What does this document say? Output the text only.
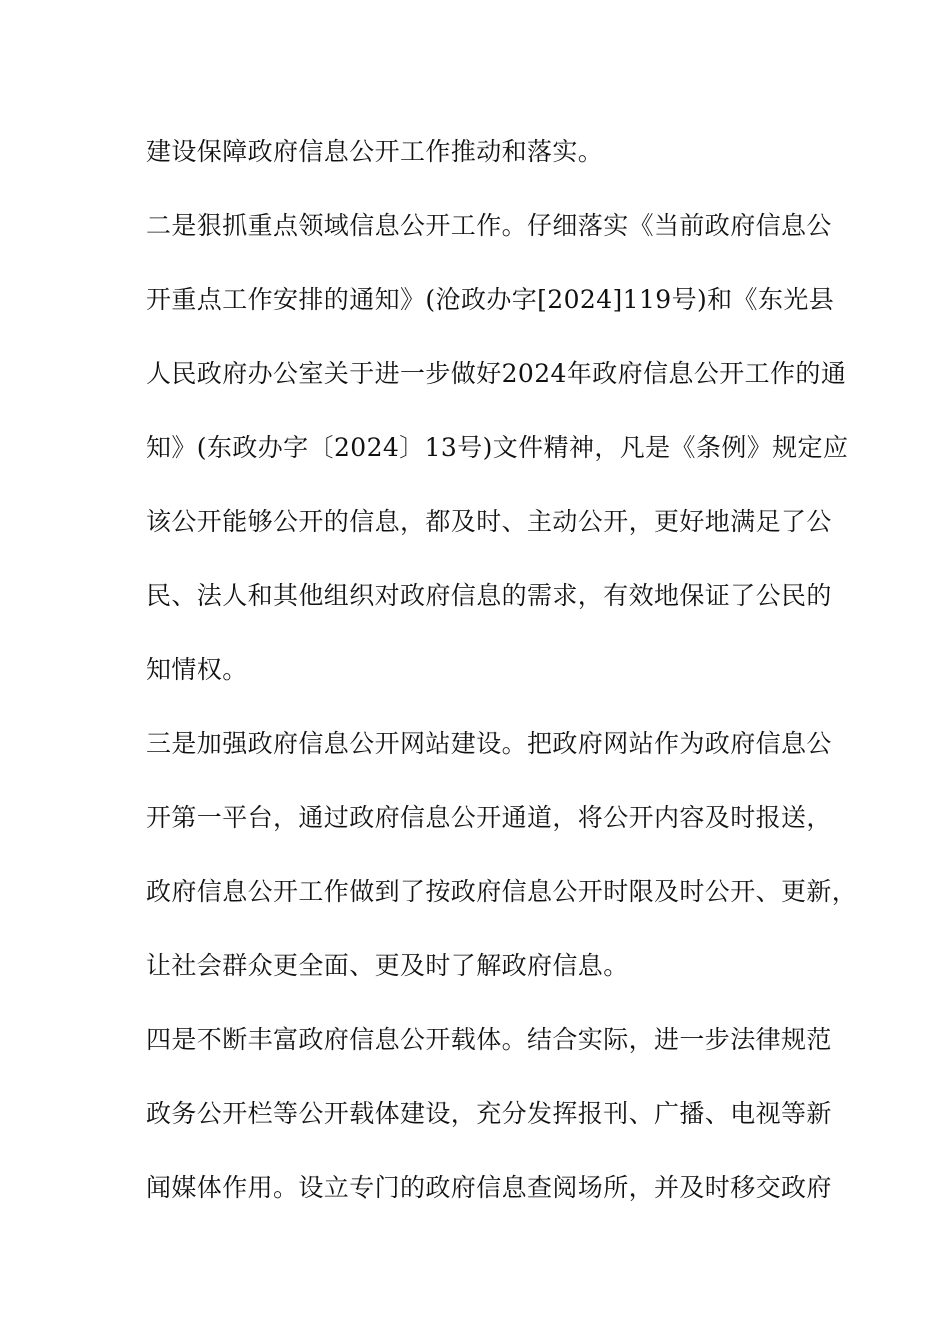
建设保障政府信息公开工作推动和落实。
二是狠抓重点领域信息公开工作。仔细落实《当前政府信息公
开重点工作安排的通知》(沧政办字[2024]119号)和《东光县
人民政府办公室关于进一步做好2024年政府信息公开工作的通
知》(东政办字〔2024〕13号)文件精神，凡是《条例》规定应
该公开能够公开的信息，都及时、主动公开，更好地满足了公
民、法人和其他组织对政府信息的需求，有效地保证了公民的
知情权。
三是加强政府信息公开网站建设。把政府网站作为政府信息公
开第一平台，通过政府信息公开通道，将公开内容及时报送，
政府信息公开工作做到了按政府信息公开时限及时公开、更新，
让社会群众更全面、更及时了解政府信息。
四是不断丰富政府信息公开载体。结合实际，进一步法律规范
政务公开栏等公开载体建设，充分发挥报刊、广播、电视等新
闻媒体作用。设立专门的政府信息查阅场所，并及时移交政府
